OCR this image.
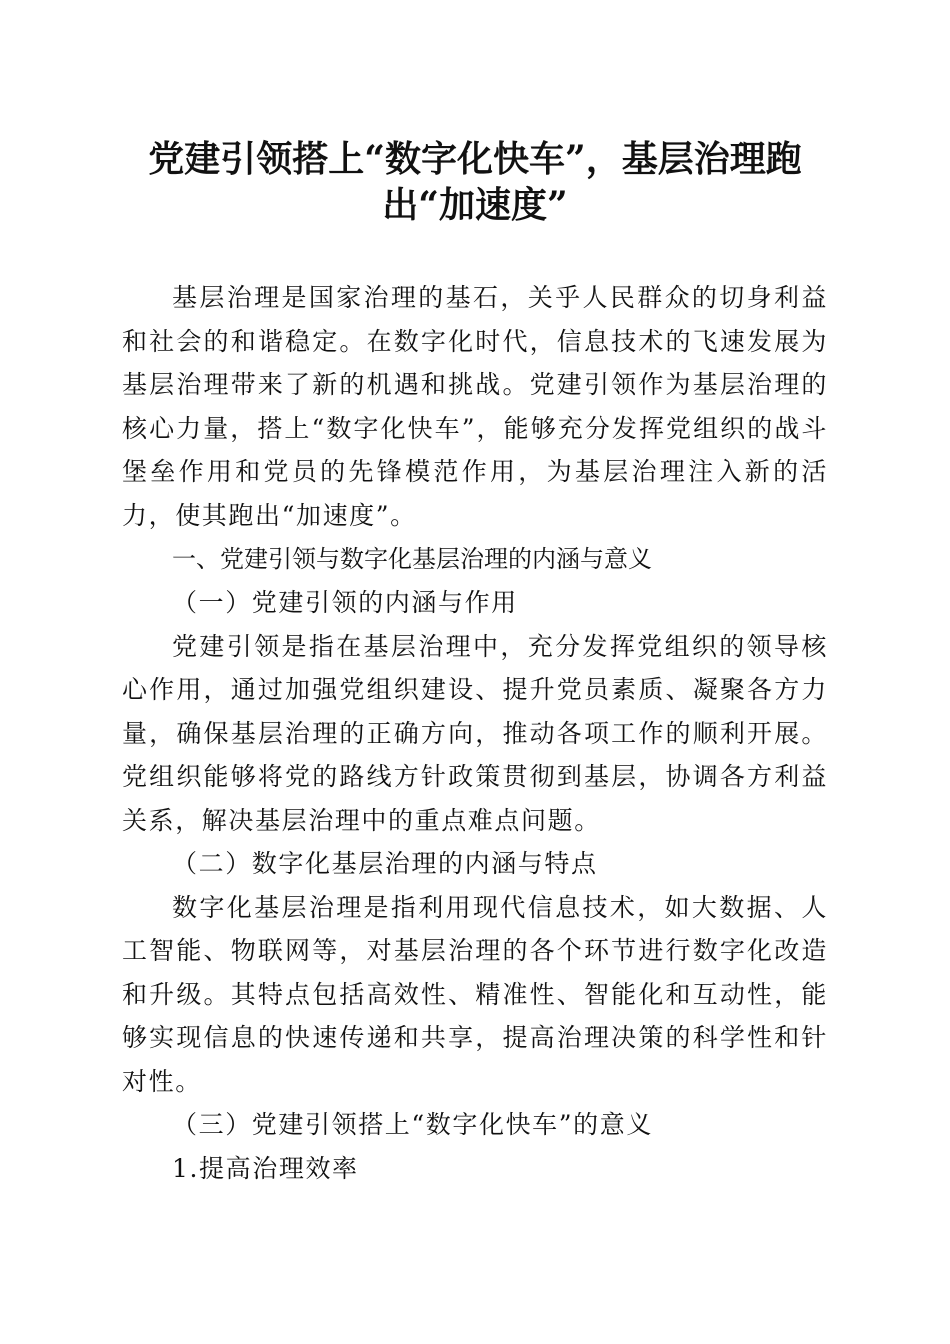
党建引领搭上“数字化快车”，基层治理跑
出“加速度”

基层治理是国家治理的基石，关乎人民群众的切身利益和社会的和谐稳定。在数字化时代，信息技术的飞速发展为基层治理带来了新的机遇和挑战。党建引领作为基层治理的核心力量，搭上“数字化快车”，能够充分发挥党组织的战斗堡垒作用和党员的先锋模范作用，为基层治理注入新的活力，使其跑出“加速度”。

一、党建引领与数字化基层治理的内涵与意义

（一）党建引领的内涵与作用

党建引领是指在基层治理中，充分发挥党组织的领导核心作用，通过加强党组织建设、提升党员素质、凝聚各方力量，确保基层治理的正确方向，推动各项工作的顺利开展。党组织能够将党的路线方针政策贯彻到基层，协调各方利益关系，解决基层治理中的重点难点问题。

（二）数字化基层治理的内涵与特点

数字化基层治理是指利用现代信息技术，如大数据、人工智能、物联网等，对基层治理的各个环节进行数字化改造和升级。其特点包括高效性、精准性、智能化和互动性，能够实现信息的快速传递和共享，提高治理决策的科学性和针对性。

（三）党建引领搭上“数字化快车”的意义

1.提高治理效率
